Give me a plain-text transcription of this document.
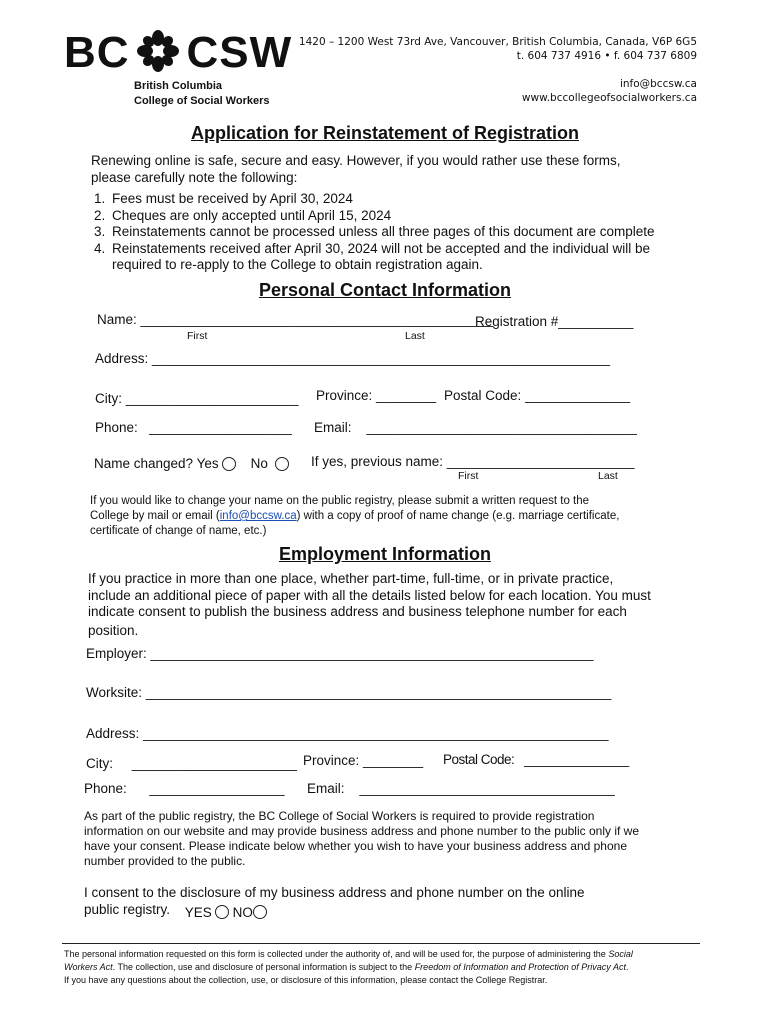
BC CSW
British Columbia
College of Social Workers
1420 – 1200 West 73rd Ave, Vancouver, British Columbia, Canada, V6P 6G5
t. 604 737 4916 • f. 604 737 6809
info@bccsw.ca
www.bccollegeofsocialworkers.ca
Application for Reinstatement of Registration
Renewing online is safe, secure and easy. However, if you would rather use these forms,
please carefully note the following:
1. Fees must be received by April 30, 2024
2. Cheques are only accepted until April 15, 2024
3. Reinstatements cannot be processed unless all three pages of this document are complete
4. Reinstatements received after April 30, 2024 will not be accepted and the individual will be
required to re-apply to the College to obtain registration again.
Personal Contact Information
Name: _______________________________________________
Registration #__________
First	Last
Address: _____________________________________________________________
City: _______________________ Province: ________ Postal Code: ______________
Phone: ___________________ Email: ____________________________________
Name changed? Yes No	If yes, previous name: _________________________
First	Last
If you would like to change your name on the public registry, please submit a written request to the
College by mail or email (info@bccsw.ca) with a copy of proof of name change (e.g. marriage certificate,
certificate of change of name, etc.)
Employment Information
If you practice in more than one place, whether part-time, full-time, or in private practice,
include an additional piece of paper with all the details listed below for each location. You must
indicate consent to publish the business address and business telephone number for each
position.
Employer: ___________________________________________________________
Worksite: ______________________________________________________________
Address: ______________________________________________________________
City: ______________________ Province: ________ Postal Code: ______________
Phone: __________________ Email: __________________________________
As part of the public registry, the BC College of Social Workers is required to provide registration
information on our website and may provide business address and phone number to the public only if we
have your consent. Please indicate below whether you wish to have your business address and phone
number provided to the public.
I consent to the disclosure of my business address and phone number on the online
public registry. YES NO
The personal information requested on this form is collected under the authority of, and will be used for, the purpose of administering the Social
Workers Act. The collection, use and disclosure of personal information is subject to the Freedom of Information and Protection of Privacy Act.
If you have any questions about the collection, use, or disclosure of this information, please contact the College Registrar.
